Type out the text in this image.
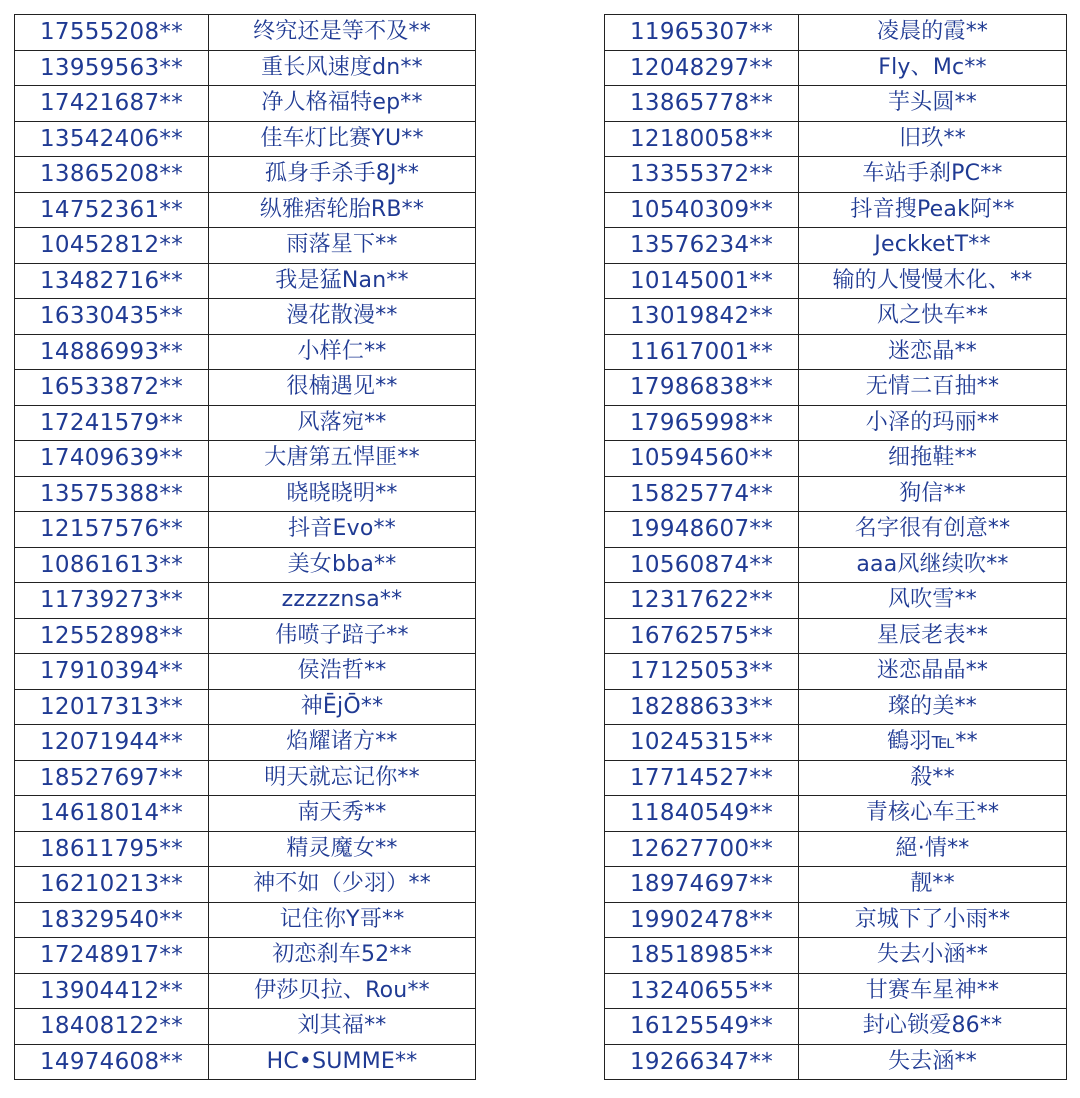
17555208**	终究还是等不及**
13959563**	重长风速度dn**
17421687**	净人格福特ep**
13542406**	佳车灯比赛YU**
13865208**	孤身手杀手8J**
14752361**	纵雅痞轮胎RB**
10452812**	雨落星下**
13482716**	我是猛Nan**
16330435**	漫花散漫**
14886993**	小样仁**
16533872**	很楠遇见**
17241579**	风落宛**
17409639**	大唐第五悍匪**
13575388**	晓晓晓明**
12157576**	抖音Evo**
10861613**	美女bba**
11739273**	zzzzznsa**
12552898**	伟喷子踣子**
17910394**	侯浩哲**
12017313**	神ĒjŌ**
12071944**	焰耀诸方**
18527697**	明天就忘记你**
14618014**	南天秀**
18611795**	精灵魔女**
16210213**	神不如（少羽）**
18329540**	记住你Y哥**
17248917**	初恋刹车52**
13904412**	伊莎贝拉、Rou**
18408122**	刘其福**
14974608**	HC•SUMME**
11965307**	凌晨的霞**
12048297**	Fly、Mc**
13865778**	芋头圆**
12180058**	旧玖**
13355372**	车站手刹PC**
10540309**	抖音搜Peak阿**
13576234**	JeckketT**
10145001**	输的人慢慢木化、**
13019842**	风之快车**
11617001**	迷恋晶**
17986838**	无情二百抽**
17965998**	小泽的玛丽**
10594560**	细拖鞋**
15825774**	狗信**
19948607**	名字很有创意**
10560874**	aaa风继续吹**
12317622**	风吹雪**
16762575**	星辰老表**
17125053**	迷恋晶晶**
18288633**	璨的美**
10245315**	鶴羽℡**
17714527**	殺**
11840549**	青核心车王**
12627700**	絕·情**
18974697**	靓**
19902478**	京城下了小雨**
18518985**	失去小涵**
13240655**	甘赛车星神**
16125549**	封心锁爱86**
19266347**	失去涵**
